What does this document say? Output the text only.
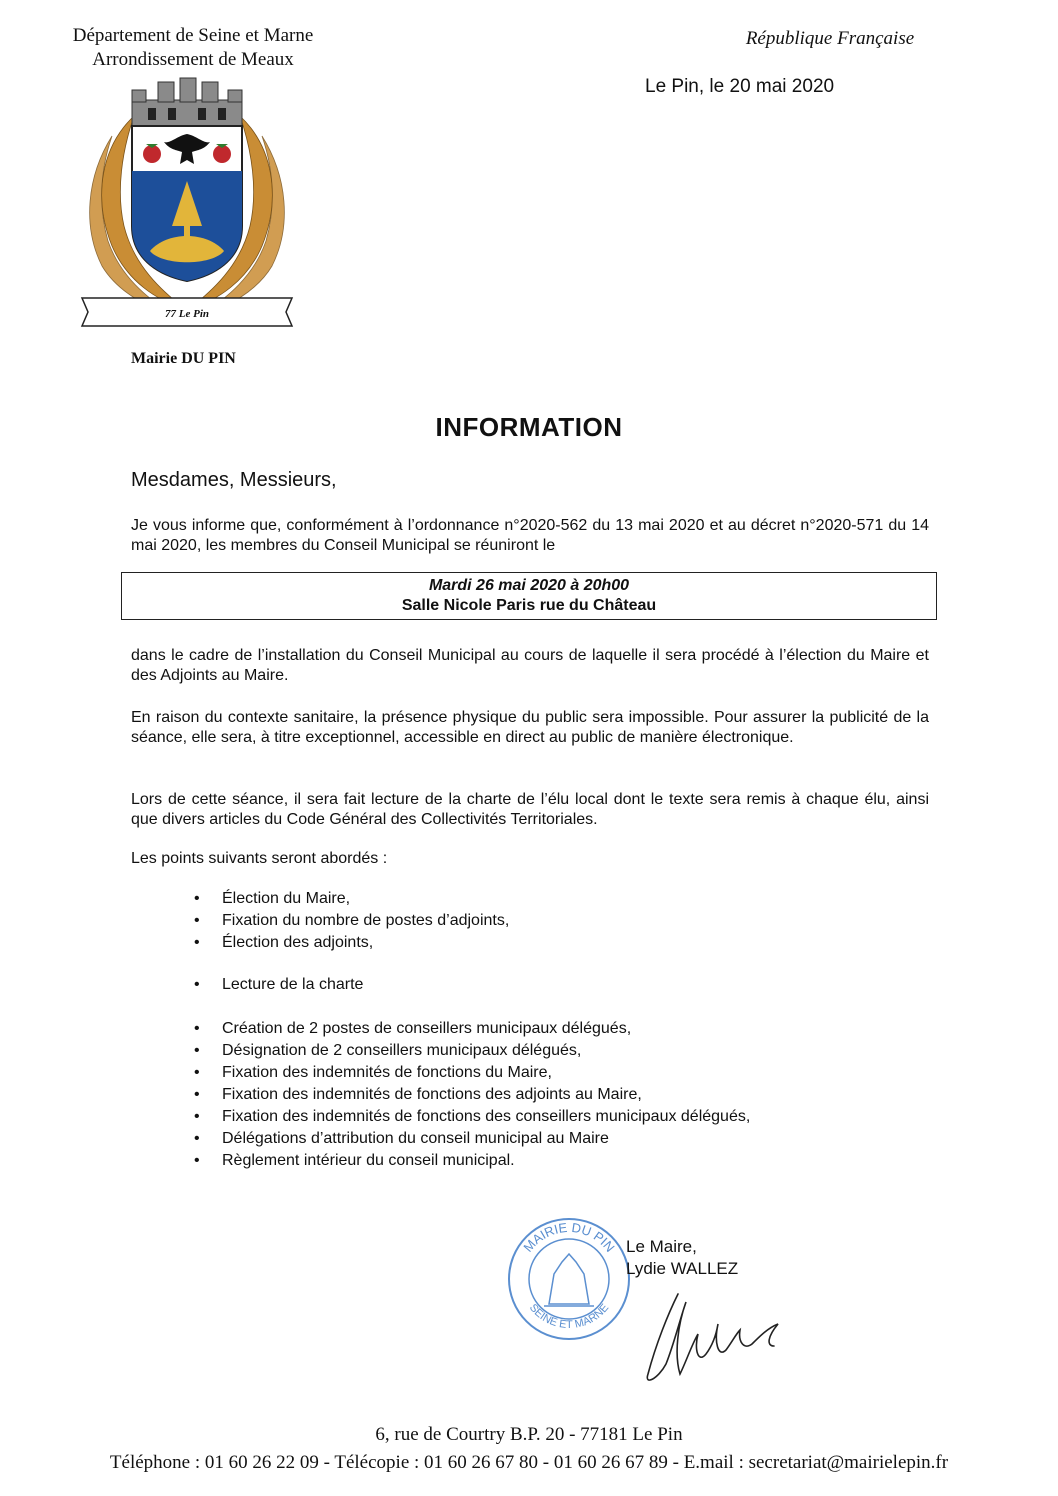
Département de Seine et Marne
Arrondissement de Meaux
République Française
Le Pin, le 20 mai 2020
77 Le Pin
Mairie DU PIN
INFORMATION
Mesdames, Messieurs,
Je vous informe que, conformément à l’ordonnance n°2020-562 du 13 mai 2020 et au décret n°2020-571 du 14 mai 2020, les membres du Conseil Municipal se réuniront le
Mardi 26 mai 2020 à 20h00
Salle Nicole Paris rue du Château
dans le cadre de l’installation du Conseil Municipal au cours de laquelle il sera procédé à l’élection du Maire et des Adjoints au Maire.
En raison du contexte sanitaire, la présence physique du public sera impossible. Pour assurer la publicité de la séance, elle sera, à titre exceptionnel, accessible en direct au public de manière électronique.
Lors de cette séance, il sera fait lecture de la charte de l’élu local dont le texte sera remis à chaque élu, ainsi que divers articles du Code Général des Collectivités Territoriales.
Les points suivants seront abordés :
• Élection du Maire,
• Fixation du nombre de postes d’adjoints,
• Élection des adjoints,
• Lecture de la charte
• Création de 2 postes de conseillers municipaux délégués,
• Désignation de 2 conseillers municipaux délégués,
• Fixation des indemnités de fonctions du Maire,
• Fixation des indemnités de fonctions des adjoints au Maire,
• Fixation des indemnités de fonctions des conseillers municipaux délégués,
• Délégations d’attribution du conseil municipal au Maire
• Règlement intérieur du conseil municipal.
MAIRIE DU PIN
SEINE ET MARNE
Le Maire,
Lydie WALLEZ
6, rue de Courtry B.P. 20 - 77181 Le Pin
Téléphone : 01 60 26 22 09 - Télécopie : 01 60 26 67 80 - 01 60 26 67 89 - E.mail : secretariat@mairielepin.fr
